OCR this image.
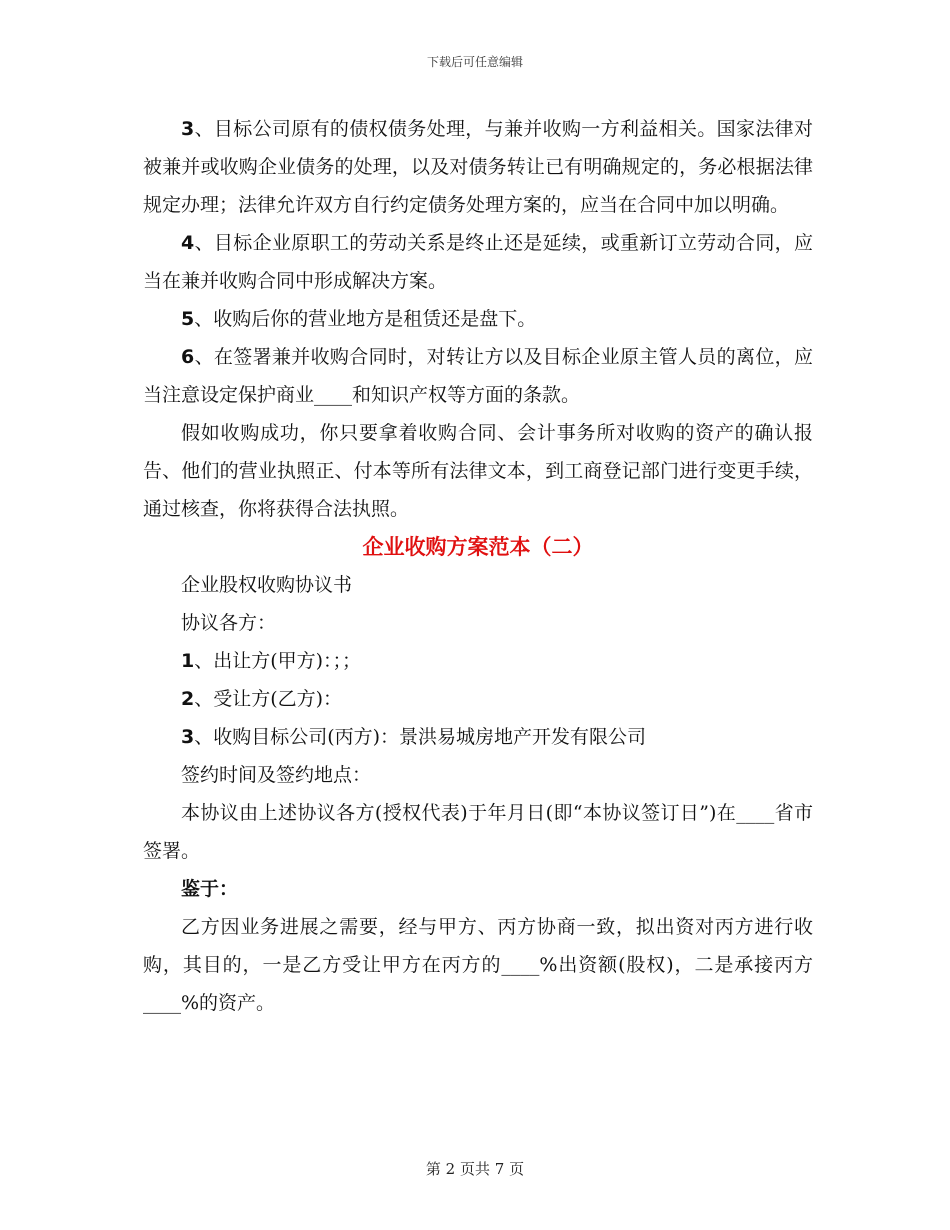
下载后可任意编辑

3、目标公司原有的债权债务处理，与兼并收购一方利益相关。国家法律对被兼并或收购企业债务的处理，以及对债务转让已有明确规定的，务必根据法律规定办理；法律允许双方自行约定债务处理方案的，应当在合同中加以明确。

4、目标企业原职工的劳动关系是终止还是延续，或重新订立劳动合同，应当在兼并收购合同中形成解决方案。

5、收购后你的营业地方是租赁还是盘下。

6、在签署兼并收购合同时，对转让方以及目标企业原主管人员的离位，应当注意设定保护商业____和知识产权等方面的条款。

假如收购成功，你只要拿着收购合同、会计事务所对收购的资产的确认报告、他们的营业执照正、付本等所有法律文本，到工商登记部门进行变更手续，通过核查，你将获得合法执照。

企业收购方案范本（二）

企业股权收购协议书

协议各方：

1、出让方(甲方)：；；

2、受让方(乙方)：

3、收购目标公司(丙方)：景洪易城房地产开发有限公司

签约时间及签约地点：

本协议由上述协议各方(授权代表)于年月日(即“本协议签订日”)在____省市签署。

鉴于：

乙方因业务进展之需要，经与甲方、丙方协商一致，拟出资对丙方进行收购，其目的，一是乙方受让甲方在丙方的____%出资额(股权)，二是承接丙方____%的资产。

第 2 页共 7 页
